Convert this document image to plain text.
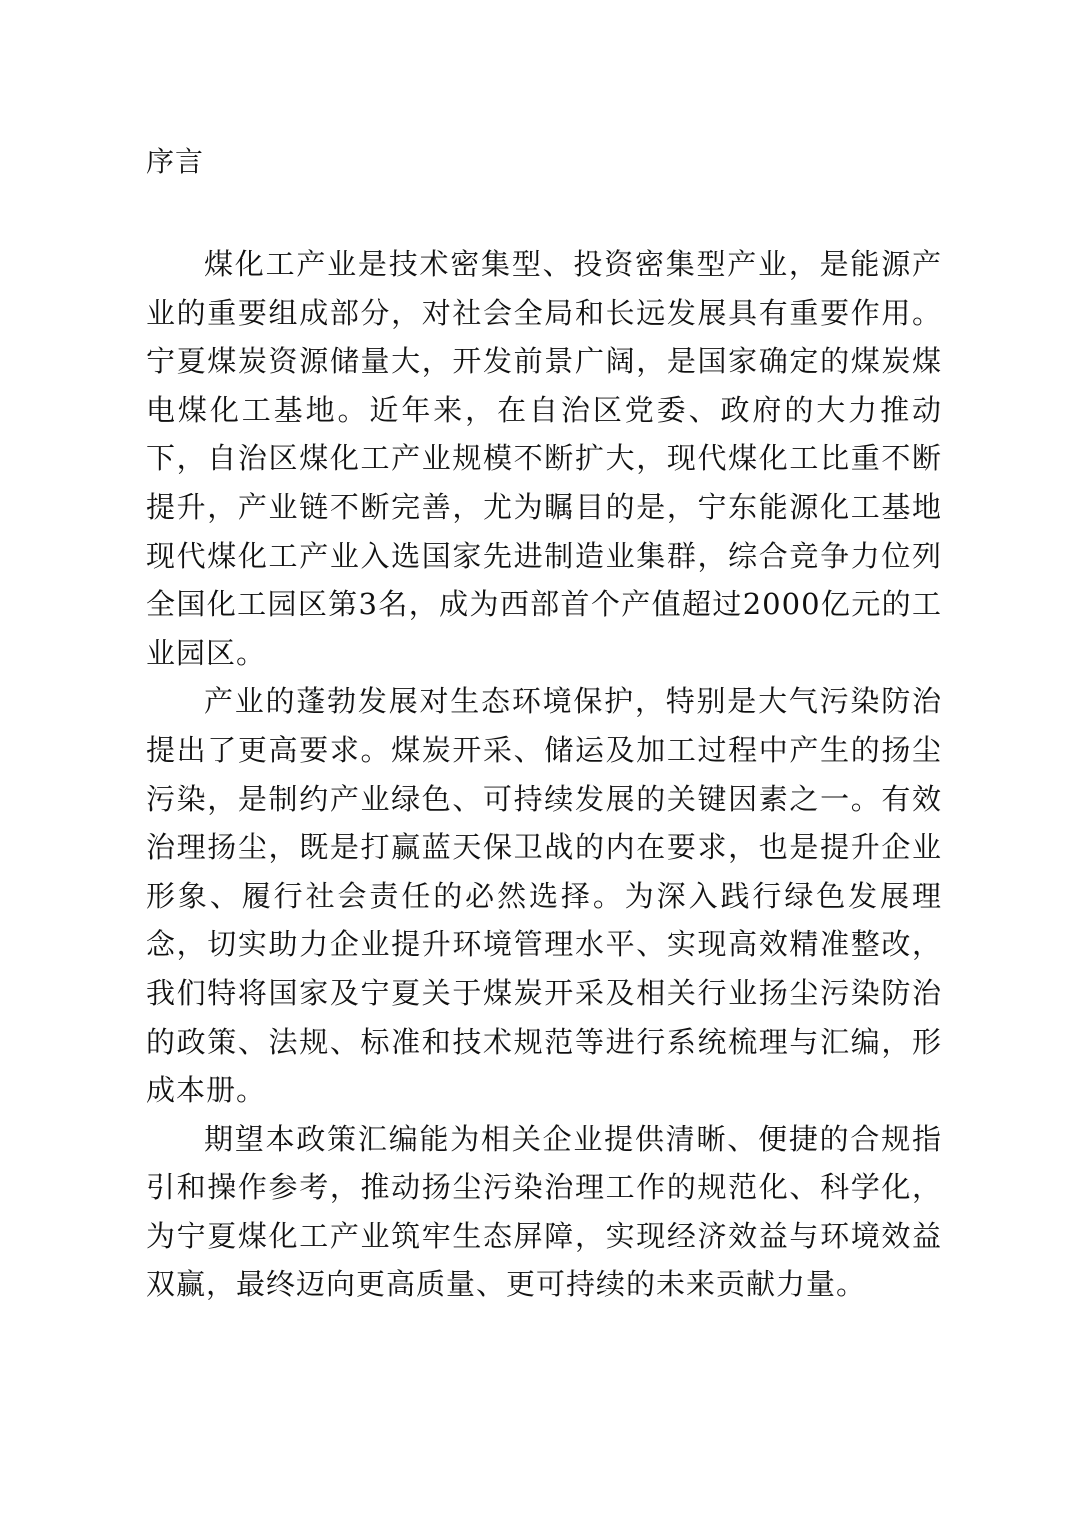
序言

煤化工产业是技术密集型、投资密集型产业，是能源产业的重要组成部分，对社会全局和长远发展具有重要作用。宁夏煤炭资源储量大，开发前景广阔，是国家确定的煤炭煤电煤化工基地。近年来，在自治区党委、政府的大力推动下，自治区煤化工产业规模不断扩大，现代煤化工比重不断提升，产业链不断完善，尤为瞩目的是，宁东能源化工基地现代煤化工产业入选国家先进制造业集群，综合竞争力位列全国化工园区第3名，成为西部首个产值超过2000亿元的工业园区。

产业的蓬勃发展对生态环境保护，特别是大气污染防治提出了更高要求。煤炭开采、储运及加工过程中产生的扬尘污染，是制约产业绿色、可持续发展的关键因素之一。有效治理扬尘，既是打赢蓝天保卫战的内在要求，也是提升企业形象、履行社会责任的必然选择。为深入践行绿色发展理念，切实助力企业提升环境管理水平、实现高效精准整改，我们特将国家及宁夏关于煤炭开采及相关行业扬尘污染防治的政策、法规、标准和技术规范等进行系统梳理与汇编，形成本册。

期望本政策汇编能为相关企业提供清晰、便捷的合规指引和操作参考，推动扬尘污染治理工作的规范化、科学化，为宁夏煤化工产业筑牢生态屏障，实现经济效益与环境效益双赢，最终迈向更高质量、更可持续的未来贡献力量。
